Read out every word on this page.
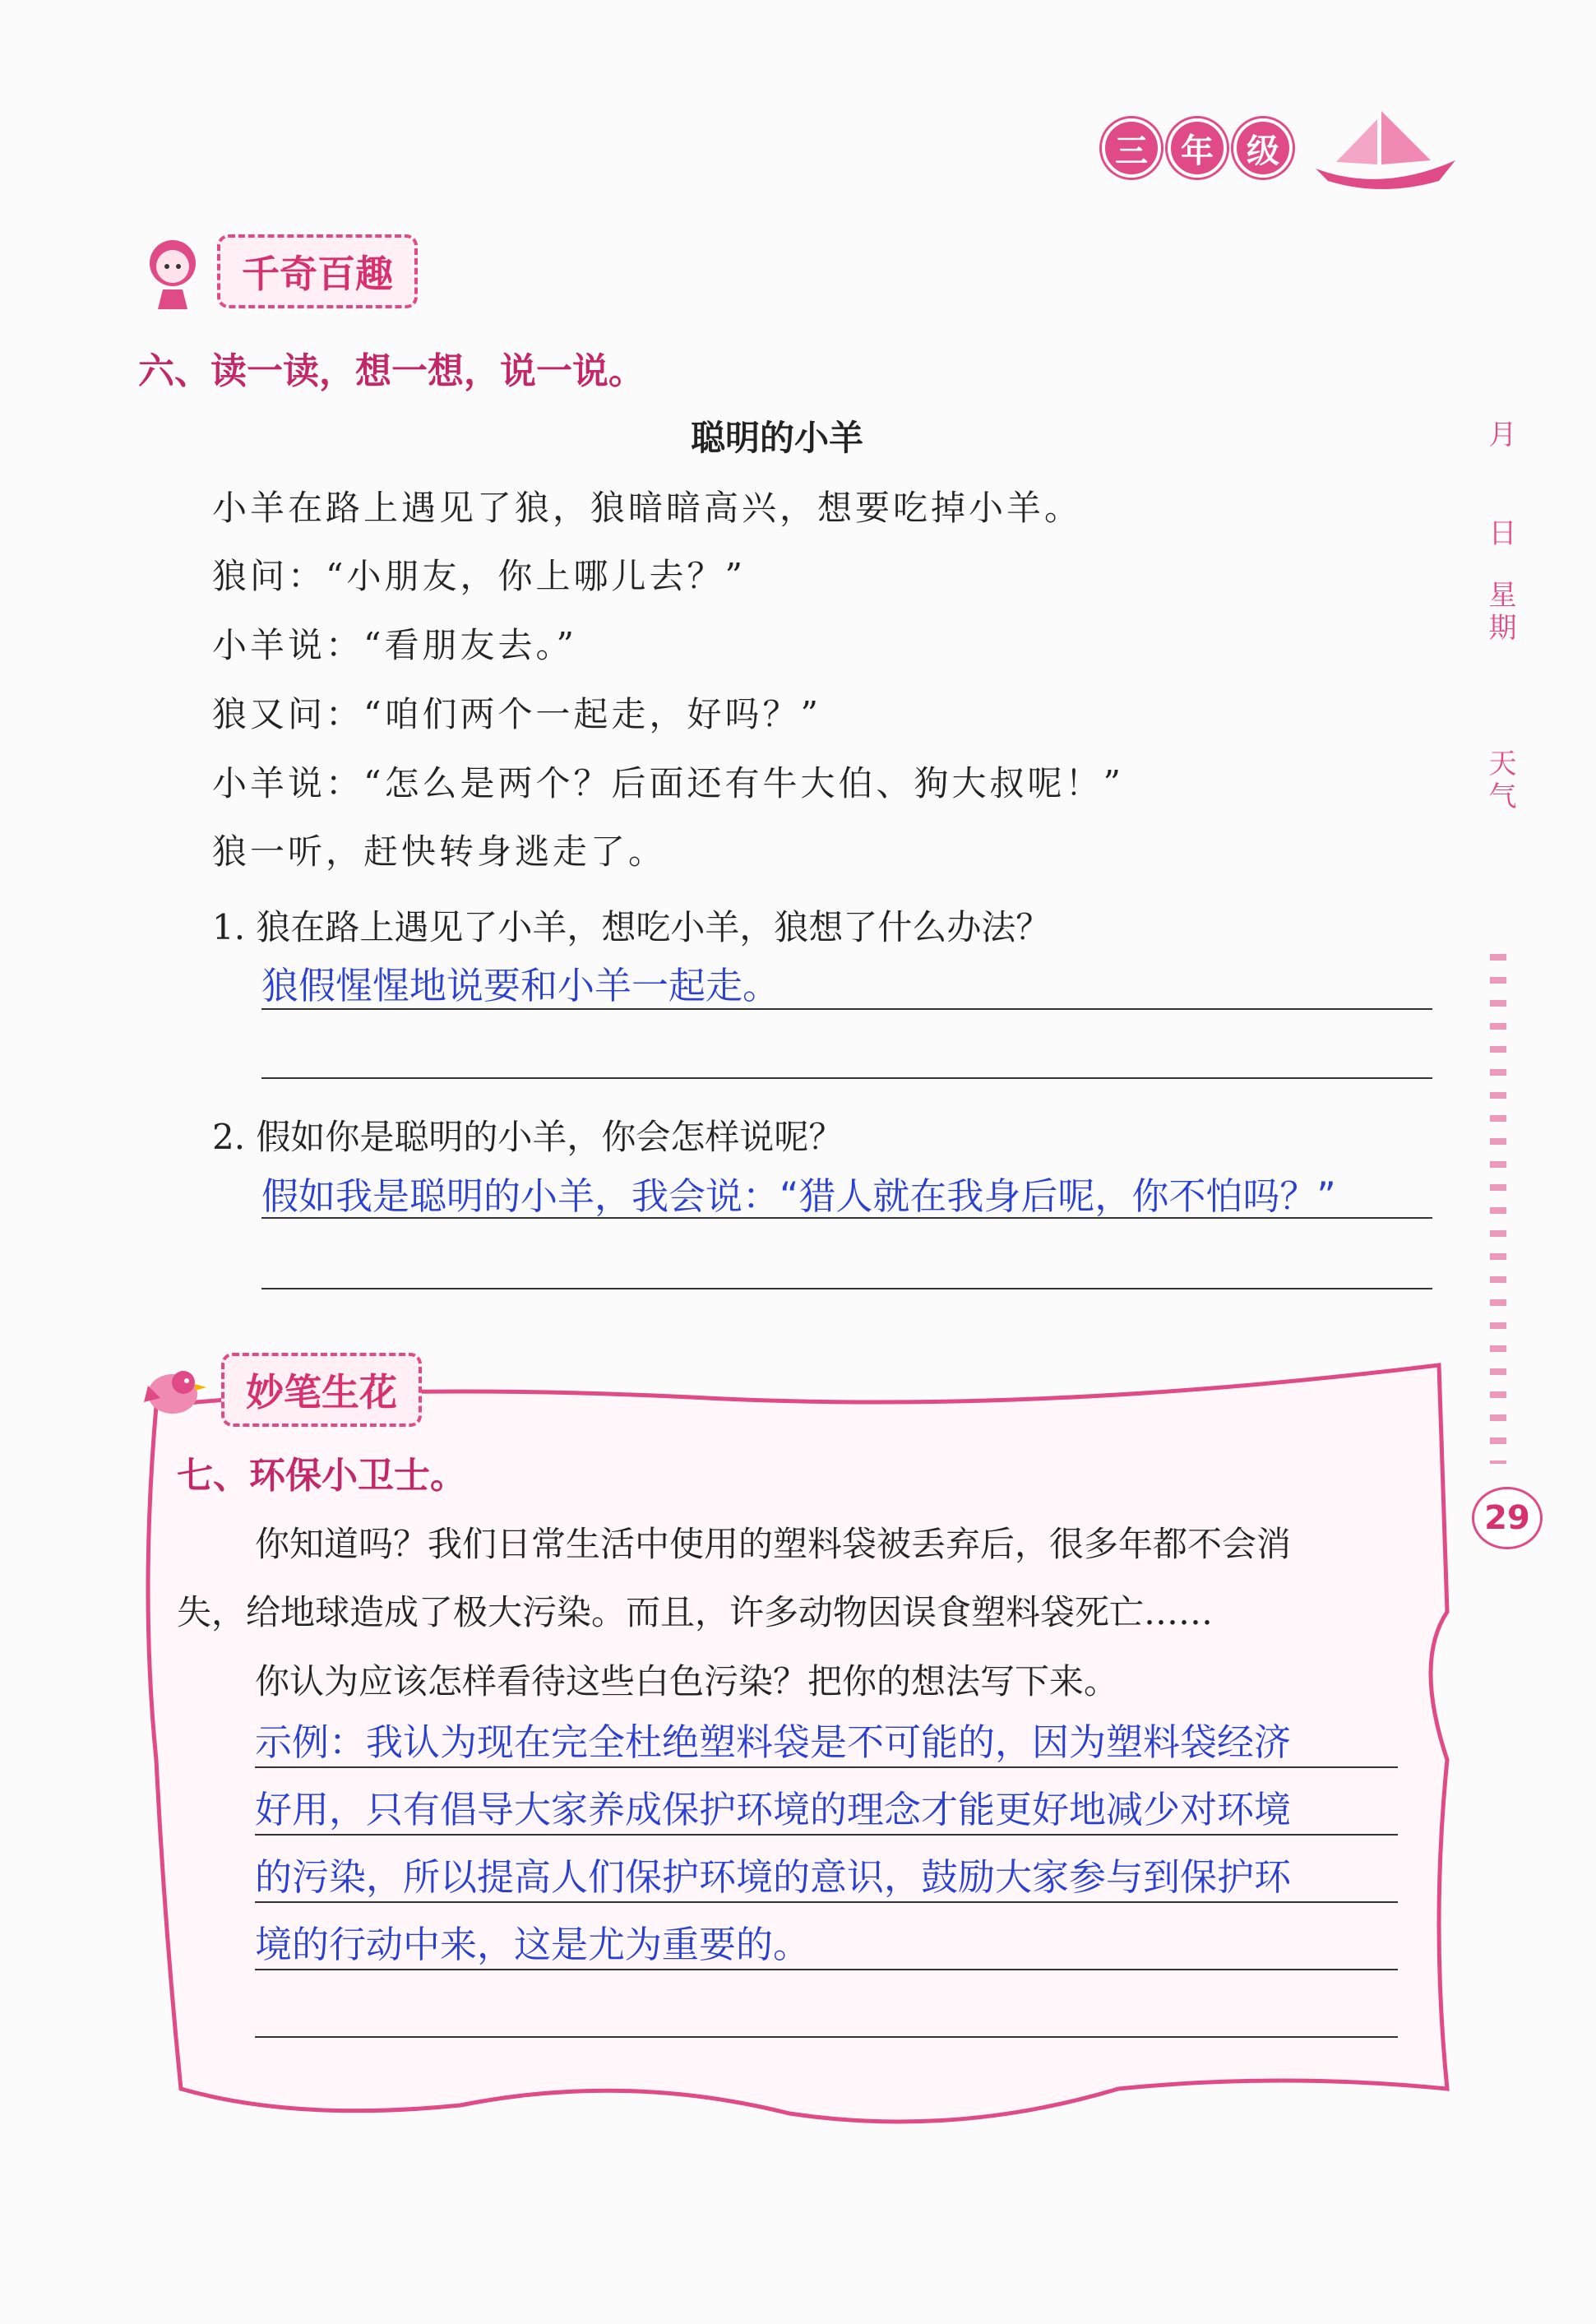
三	年	级
千奇百趣
六、读一读，想一想，说一说。
聪明的小羊
小羊在路上遇见了狼，狼暗暗高兴，想要吃掉小羊。
狼问：“小朋友，你上哪儿去？”
小羊说：“看朋友去。”
狼又问：“咱们两个一起走，好吗？”
小羊说：“怎么是两个？后面还有牛大伯、狗大叔呢！”
狼一听，赶快转身逃走了。
1. 狼在路上遇见了小羊，想吃小羊，狼想了什么办法？
狼假惺惺地说要和小羊一起走。
2. 假如你是聪明的小羊，你会怎样说呢？
假如我是聪明的小羊，我会说：“猎人就在我身后呢，你不怕吗？”
月
日
星期
天气
29
妙笔生花
七、环保小卫士。
你知道吗？我们日常生活中使用的塑料袋被丢弃后，很多年都不会消
失，给地球造成了极大污染。而且，许多动物因误食塑料袋死亡……
你认为应该怎样看待这些白色污染？把你的想法写下来。
示例：我认为现在完全杜绝塑料袋是不可能的，因为塑料袋经济
好用，只有倡导大家养成保护环境的理念才能更好地减少对环境
的污染，所以提高人们保护环境的意识，鼓励大家参与到保护环
境的行动中来，这是尤为重要的。
